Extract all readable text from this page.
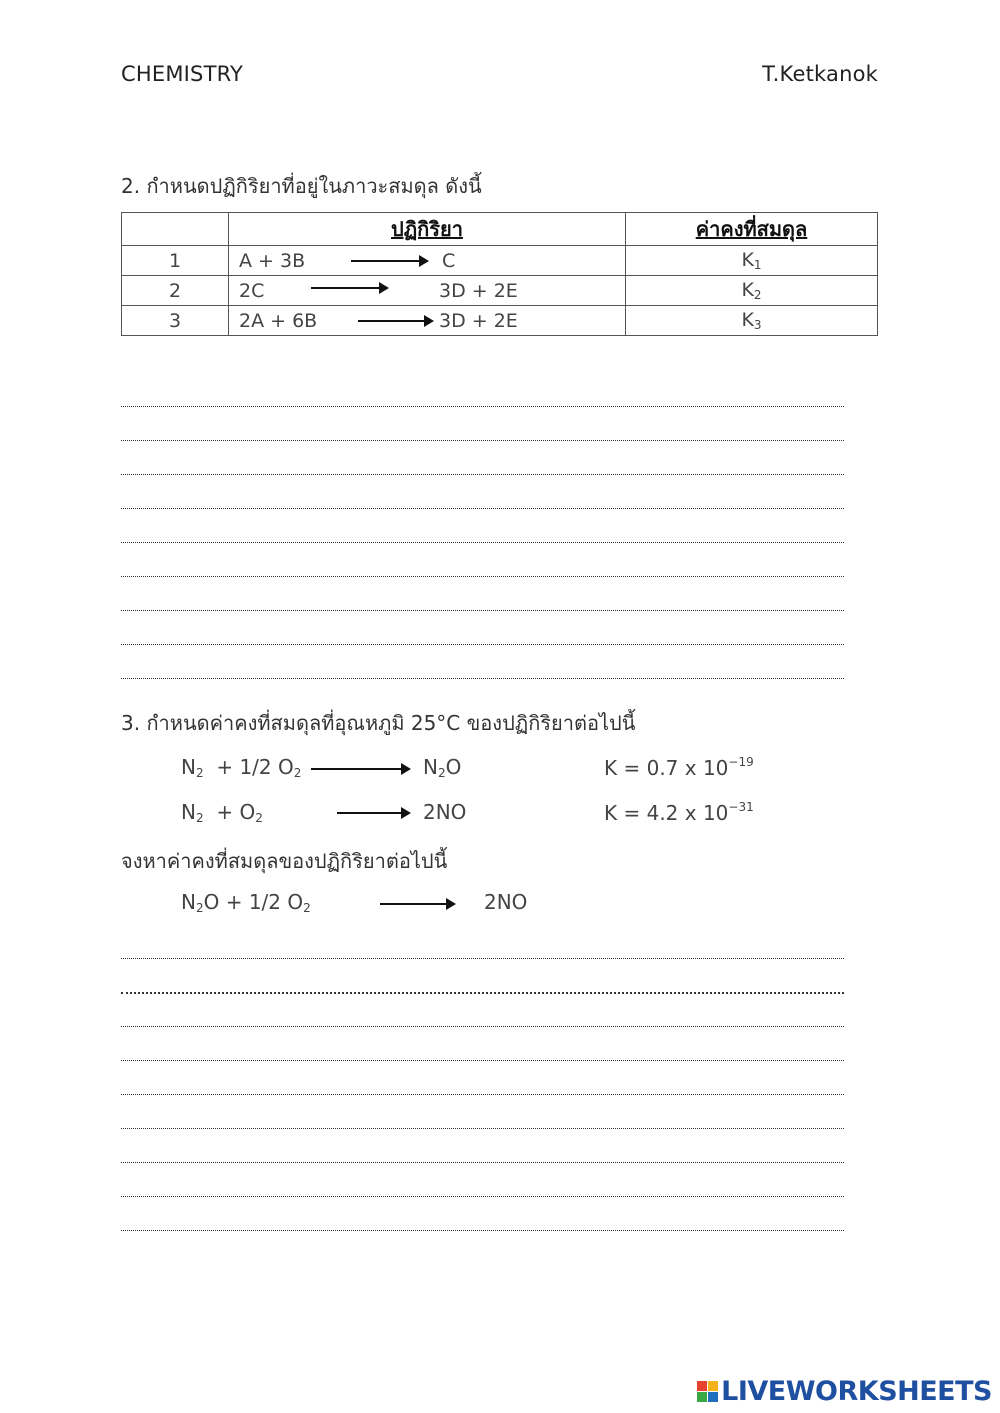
CHEMISTRY	T.Ketkanok
2. กำหนดปฏิกิริยาที่อยู่ในภาวะสมดุล ดังนี้
	ปฏิกิริยา	ค่าคงที่สมดุล
1	A + 3B → C	$K_1$
2	2C 3D + 2E	$K_2$
3	2A + 6B → 3D + 2E	$K_3$
3. กำหนดค่าคงที่สมดุลที่อุณหภูมิ 25°C ของปฏิกิริยาต่อไปนี้
$N_2 + 1/2$ $O_2$	$N_2O$	K = 0.7 x $10^{-19}$
$N_2 + O_2$	2NO	K = 4.2 x $10^{-31}$
จงหาค่าคงที่สมดุลของปฏิกิริยาต่อไปนี้
$N_2O + 1/2$ $O_2$	2NO
LIVEWORKSHEETS
